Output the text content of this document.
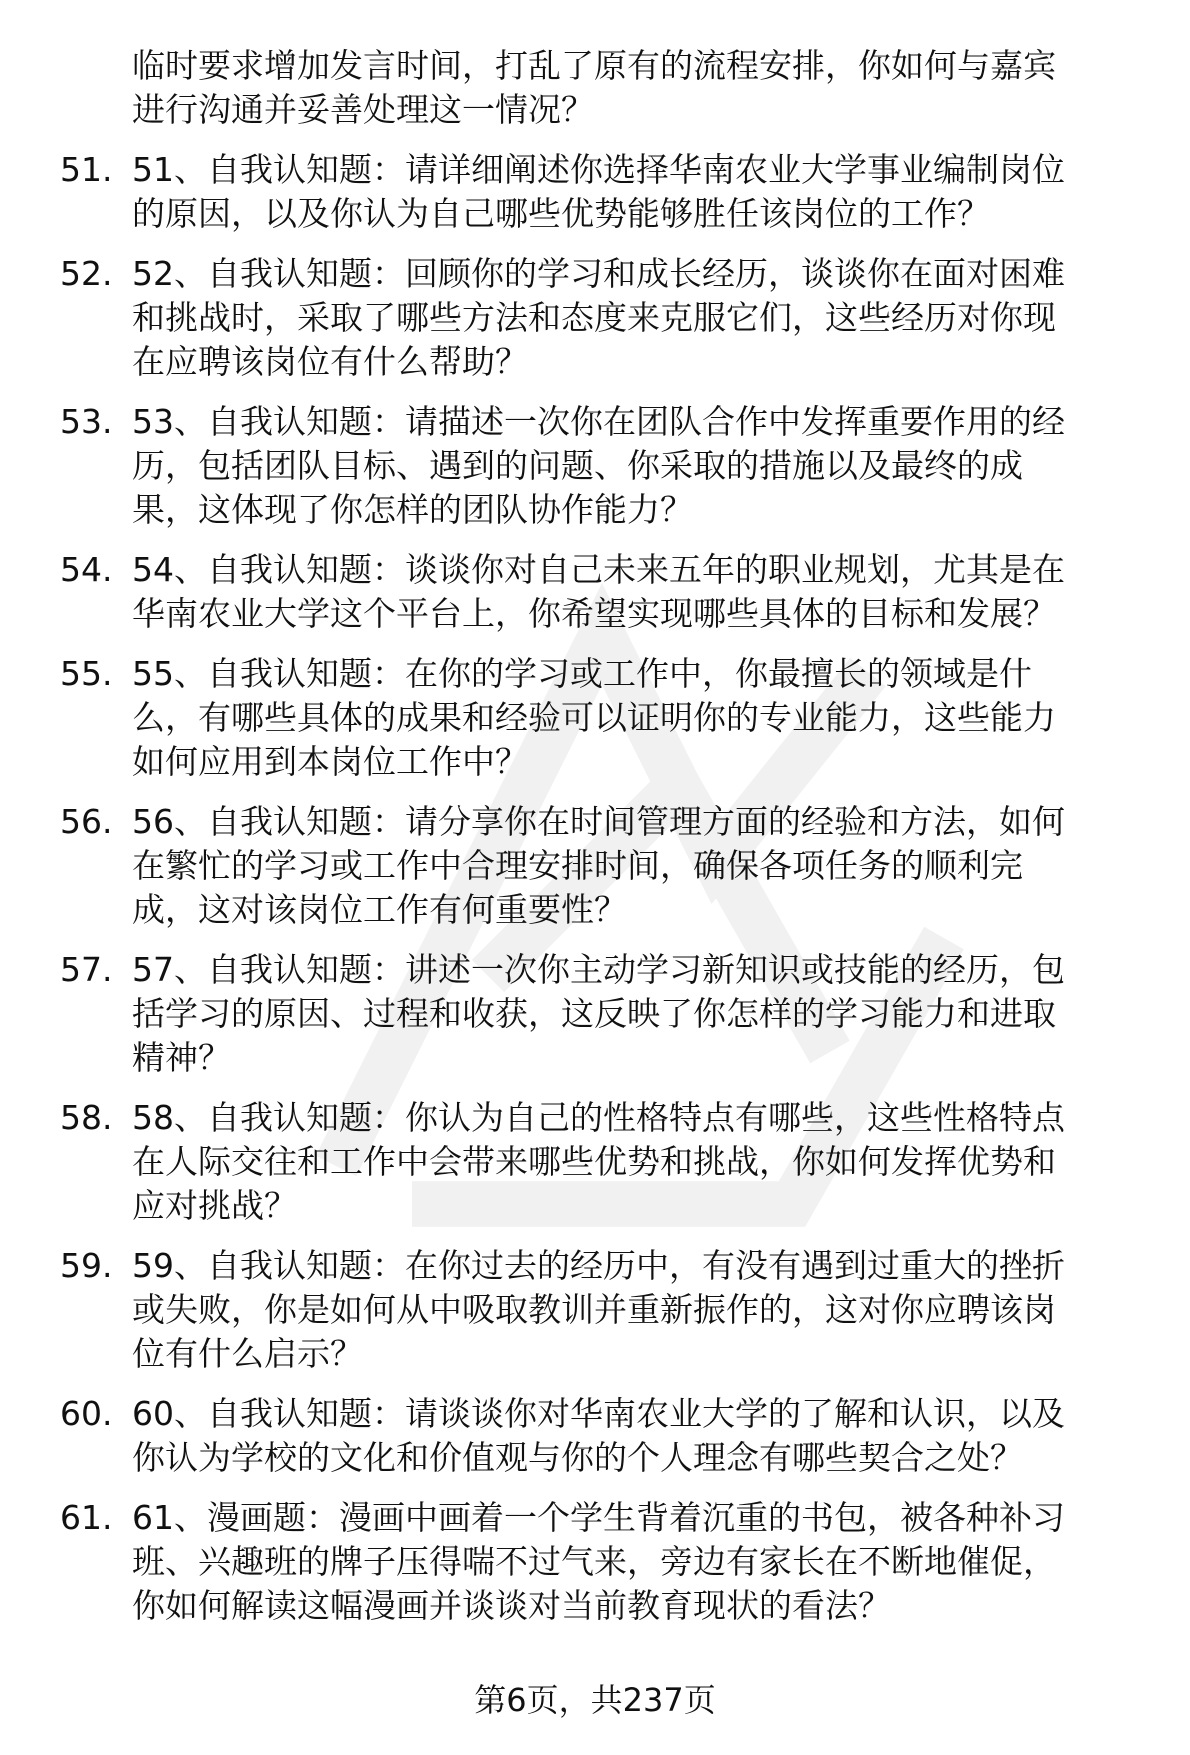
临时要求增加发言时间，打乱了原有的流程安排，你如何与嘉宾
进行沟通并妥善处理这一情况？
51. 51、自我认知题：请详细阐述你选择华南农业大学事业编制岗位
的原因，以及你认为自己哪些优势能够胜任该岗位的工作？
52. 52、自我认知题：回顾你的学习和成长经历，谈谈你在面对困难
和挑战时，采取了哪些方法和态度来克服它们，这些经历对你现
在应聘该岗位有什么帮助？
53. 53、自我认知题：请描述一次你在团队合作中发挥重要作用的经
历，包括团队目标、遇到的问题、你采取的措施以及最终的成
果，这体现了你怎样的团队协作能力？
54. 54、自我认知题：谈谈你对自己未来五年的职业规划，尤其是在
华南农业大学这个平台上，你希望实现哪些具体的目标和发展？
55. 55、自我认知题：在你的学习或工作中，你最擅长的领域是什
么，有哪些具体的成果和经验可以证明你的专业能力，这些能力
如何应用到本岗位工作中？
56. 56、自我认知题：请分享你在时间管理方面的经验和方法，如何
在繁忙的学习或工作中合理安排时间，确保各项任务的顺利完
成，这对该岗位工作有何重要性？
57. 57、自我认知题：讲述一次你主动学习新知识或技能的经历，包
括学习的原因、过程和收获，这反映了你怎样的学习能力和进取
精神？
58. 58、自我认知题：你认为自己的性格特点有哪些，这些性格特点
在人际交往和工作中会带来哪些优势和挑战，你如何发挥优势和
应对挑战？
59. 59、自我认知题：在你过去的经历中，有没有遇到过重大的挫折
或失败，你是如何从中吸取教训并重新振作的，这对你应聘该岗
位有什么启示？
60. 60、自我认知题：请谈谈你对华南农业大学的了解和认识，以及
你认为学校的文化和价值观与你的个人理念有哪些契合之处？
61. 61、漫画题：漫画中画着一个学生背着沉重的书包，被各种补习
班、兴趣班的牌子压得喘不过气来，旁边有家长在不断地催促，
你如何解读这幅漫画并谈谈对当前教育现状的看法？
第6页，共237页
